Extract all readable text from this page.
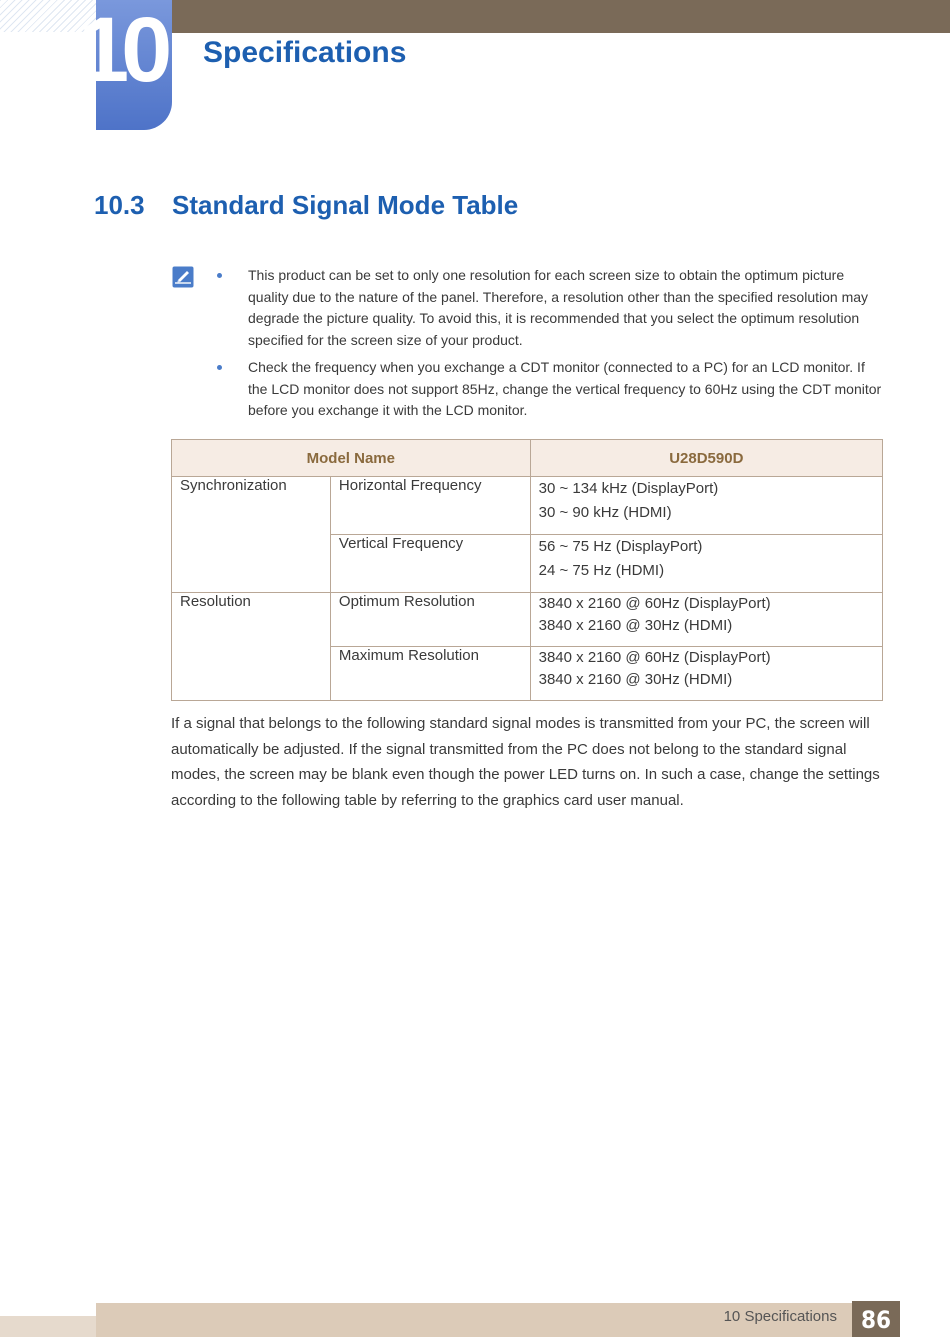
10 Specifications
10.3 Standard Signal Mode Table
This product can be set to only one resolution for each screen size to obtain the optimum picture quality due to the nature of the panel. Therefore, a resolution other than the specified resolution may degrade the picture quality. To avoid this, it is recommended that you select the optimum resolution specified for the screen size of your product.
Check the frequency when you exchange a CDT monitor (connected to a PC) for an LCD monitor. If the LCD monitor does not support 85Hz, change the vertical frequency to 60Hz using the CDT monitor before you exchange it with the LCD monitor.
Model Name		U28D590D
Synchronization	Horizontal Frequency	30 ~ 134 kHz (DisplayPort)
30 ~ 90 kHz (HDMI)

	Vertical Frequency	56 ~ 75 Hz (DisplayPort)
24 ~ 75 Hz (HDMI)

Resolution	Optimum Resolution	3840 x 2160 @ 60Hz (DisplayPort)
3840 x 2160 @ 30Hz (HDMI)

	Maximum Resolution	3840 x 2160 @ 60Hz (DisplayPort)
3840 x 2160 @ 30Hz (HDMI)

If a signal that belongs to the following standard signal modes is transmitted from your PC, the screen will automatically be adjusted. If the signal transmitted from the PC does not belong to the standard signal modes, the screen may be blank even though the power LED turns on. In such a case, change the settings according to the following table by referring to the graphics card user manual.

10 Specifications 86
